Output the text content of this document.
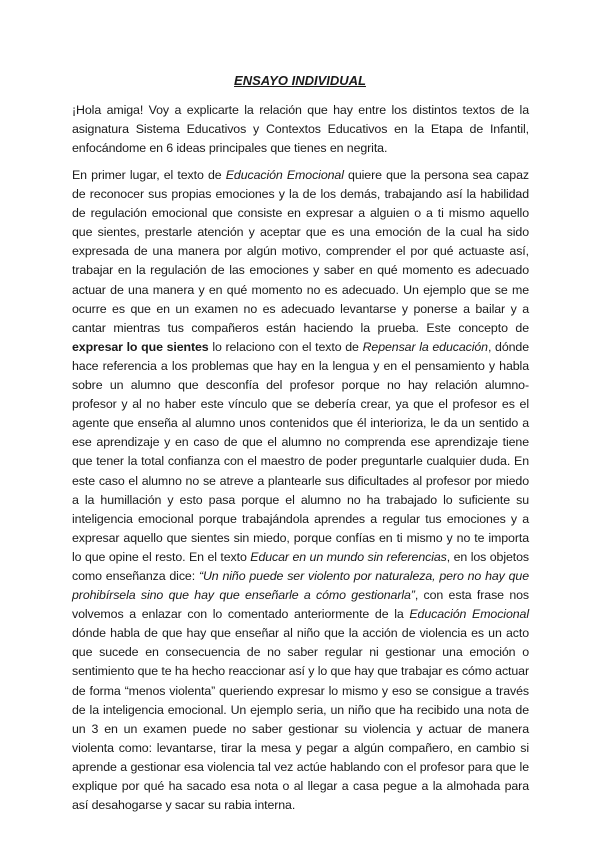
ENSAYO INDIVIDUAL

¡Hola amiga! Voy a explicarte la relación que hay entre los distintos textos de la asignatura Sistema Educativos y Contextos Educativos en la Etapa de Infantil, enfocándome en 6 ideas principales que tienes en negrita.

En primer lugar, el texto de Educación Emocional quiere que la persona sea capaz de reconocer sus propias emociones y la de los demás, trabajando así la habilidad de regulación emocional que consiste en expresar a alguien o a ti mismo aquello que sientes, prestarle atención y aceptar que es una emoción de la cual ha sido expresada de una manera por algún motivo, comprender el por qué actuaste así, trabajar en la regulación de las emociones y saber en qué momento es adecuado actuar de una manera y en qué momento no es adecuado. Un ejemplo que se me ocurre es que en un examen no es adecuado levantarse y ponerse a bailar y a cantar mientras tus compañeros están haciendo la prueba. Este concepto de expresar lo que sientes lo relaciono con el texto de Repensar la educación, dónde hace referencia a los problemas que hay en la lengua y en el pensamiento y habla sobre un alumno que desconfía del profesor porque no hay relación alumno-profesor y al no haber este vínculo que se debería crear, ya que el profesor es el agente que enseña al alumno unos contenidos que él interioriza, le da un sentido a ese aprendizaje y en caso de que el alumno no comprenda ese aprendizaje tiene que tener la total confianza con el maestro de poder preguntarle cualquier duda. En este caso el alumno no se atreve a plantearle sus dificultades al profesor por miedo a la humillación y esto pasa porque el alumno no ha trabajado lo suficiente su inteligencia emocional porque trabajándola aprendes a regular tus emociones y a expresar aquello que sientes sin miedo, porque confías en ti mismo y no te importa lo que opine el resto. En el texto Educar en un mundo sin referencias, en los objetos como enseñanza dice: “Un niño puede ser violento por naturaleza, pero no hay que prohibírsela sino que hay que enseñarle a cómo gestionarla”, con esta frase nos volvemos a enlazar con lo comentado anteriormente de la Educación Emocional dónde habla de que hay que enseñar al niño que la acción de violencia es un acto que sucede en consecuencia de no saber regular ni gestionar una emoción o sentimiento que te ha hecho reaccionar así y lo que hay que trabajar es cómo actuar de forma “menos violenta” queriendo expresar lo mismo y eso se consigue a través de la inteligencia emocional. Un ejemplo seria, un niño que ha recibido una nota de un 3 en un examen puede no saber gestionar su violencia y actuar de manera violenta como: levantarse, tirar la mesa y pegar a algún compañero, en cambio si aprende a gestionar esa violencia tal vez actúe hablando con el profesor para que le explique por qué ha sacado esa nota o al llegar a casa pegue a la almohada para así desahogarse y sacar su rabia interna.
